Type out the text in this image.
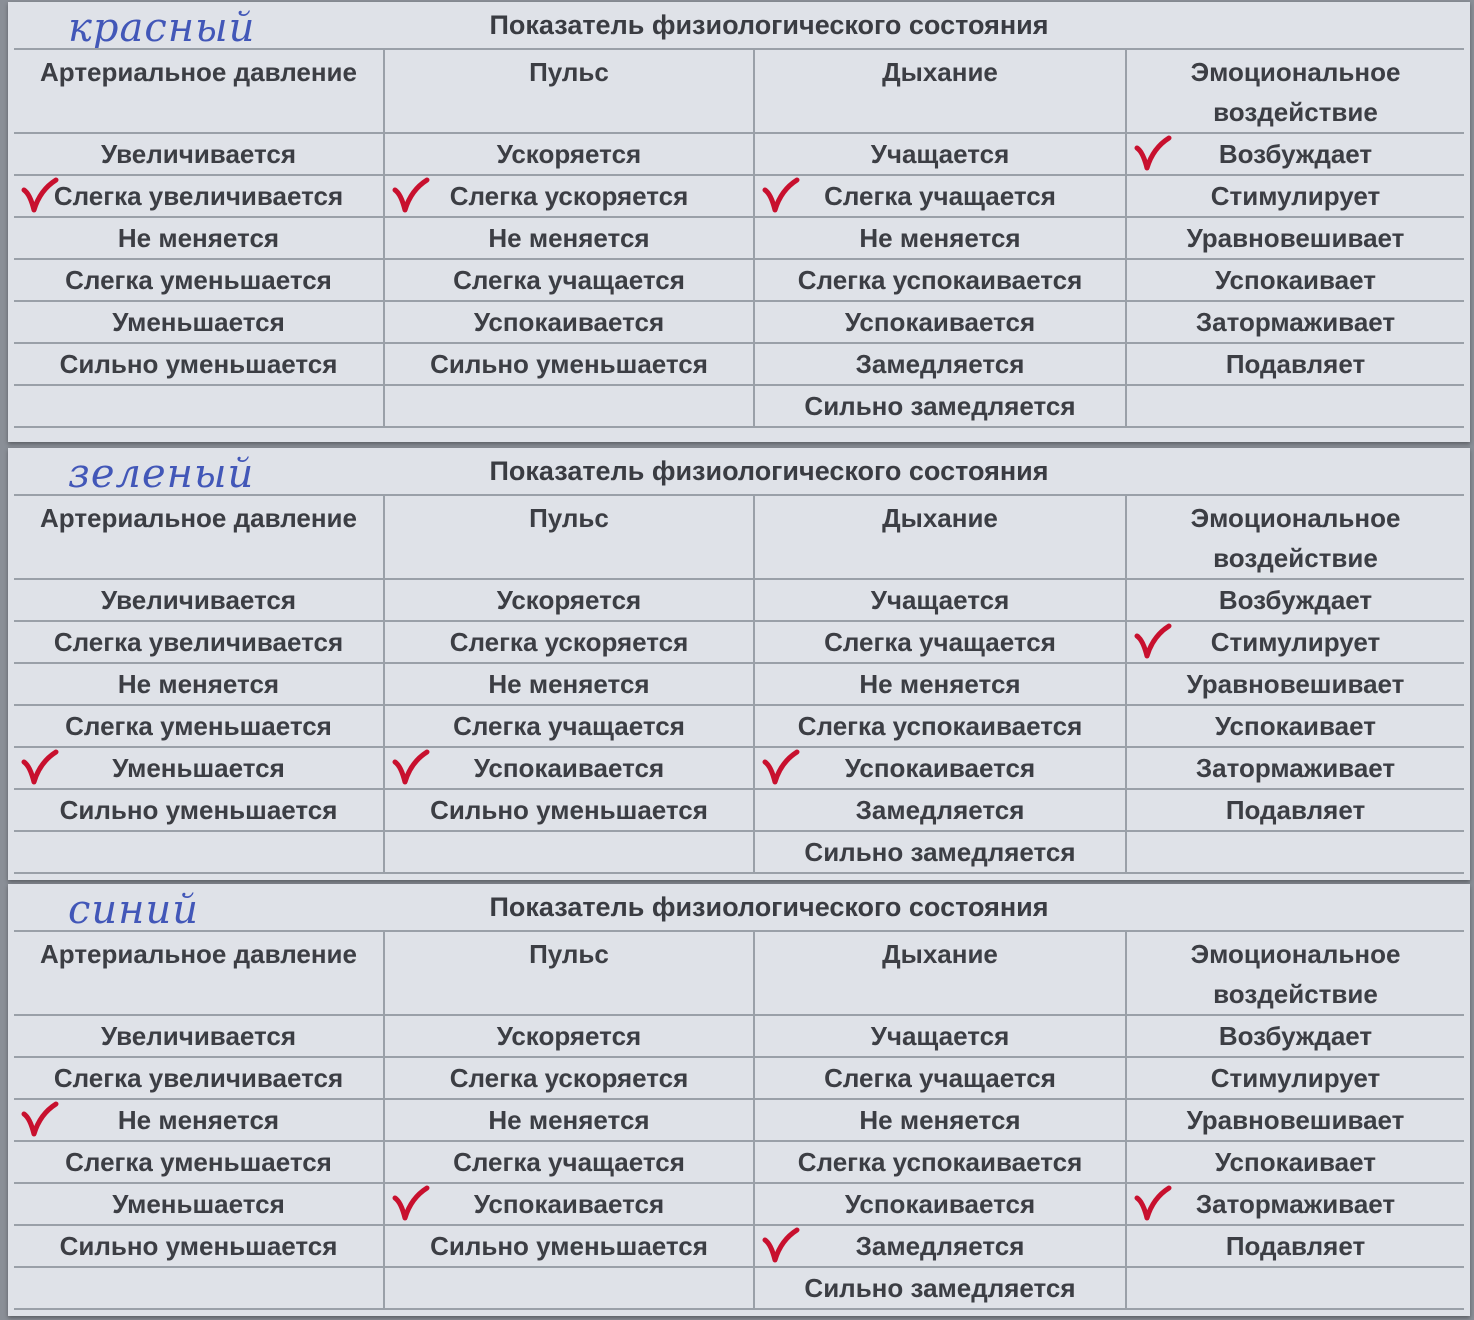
красный	Показатель физиологического состояния
Артериальное давление	Пульс	Дыхание	Эмоциональное воздействие
Увеличивается	Ускоряется	Учащается	Возбуждает

Слегка увеличивается	Слегка ускоряется	Слегка учащается	Стимулирует
Не меняется	Не меняется	Не меняется	Уравновешивает
Слегка уменьшается	Слегка учащается	Слегка успокаивается	Успокаивает
Уменьшается	Успокаивается	Успокаивается	Затормаживает
Сильно уменьшается	Сильно уменьшается	Замедляется	Подавляет
		Сильно замедляется	
зеленый	Показатель физиологического состояния
Артериальное давление	Пульс	Дыхание	Эмоциональное воздействие
Увеличивается	Ускоряется	Учащается	Возбуждает
Слегка увеличивается	Слегка ускоряется	Слегка учащается	Стимулирует
Не меняется	Не меняется	Не меняется	Уравновешивает
Слегка уменьшается	Слегка учащается	Слегка успокаивается	Успокаивает

Уменьшается	Успокаивается	Успокаивается	Затормаживает
Сильно уменьшается	Сильно уменьшается	Замедляется	Подавляет
		Сильно замедляется	
синий	Показатель физиологического состояния
Артериальное давление	Пульс	Дыхание	Эмоциональное воздействие
Увеличивается	Ускоряется	Учащается	Возбуждает
Слегка увеличивается	Слегка ускоряется	Слегка учащается	Стимулирует

Не меняется	Не меняется	Не меняется	Уравновешивает
Слегка уменьшается	Слегка учащается	Слегка успокаивается	Успокаивает
Уменьшается	Успокаивается	Успокаивается	Затормаживает
Сильно уменьшается	Сильно уменьшается	Замедляется	Подавляет
		Сильно замедляется	
